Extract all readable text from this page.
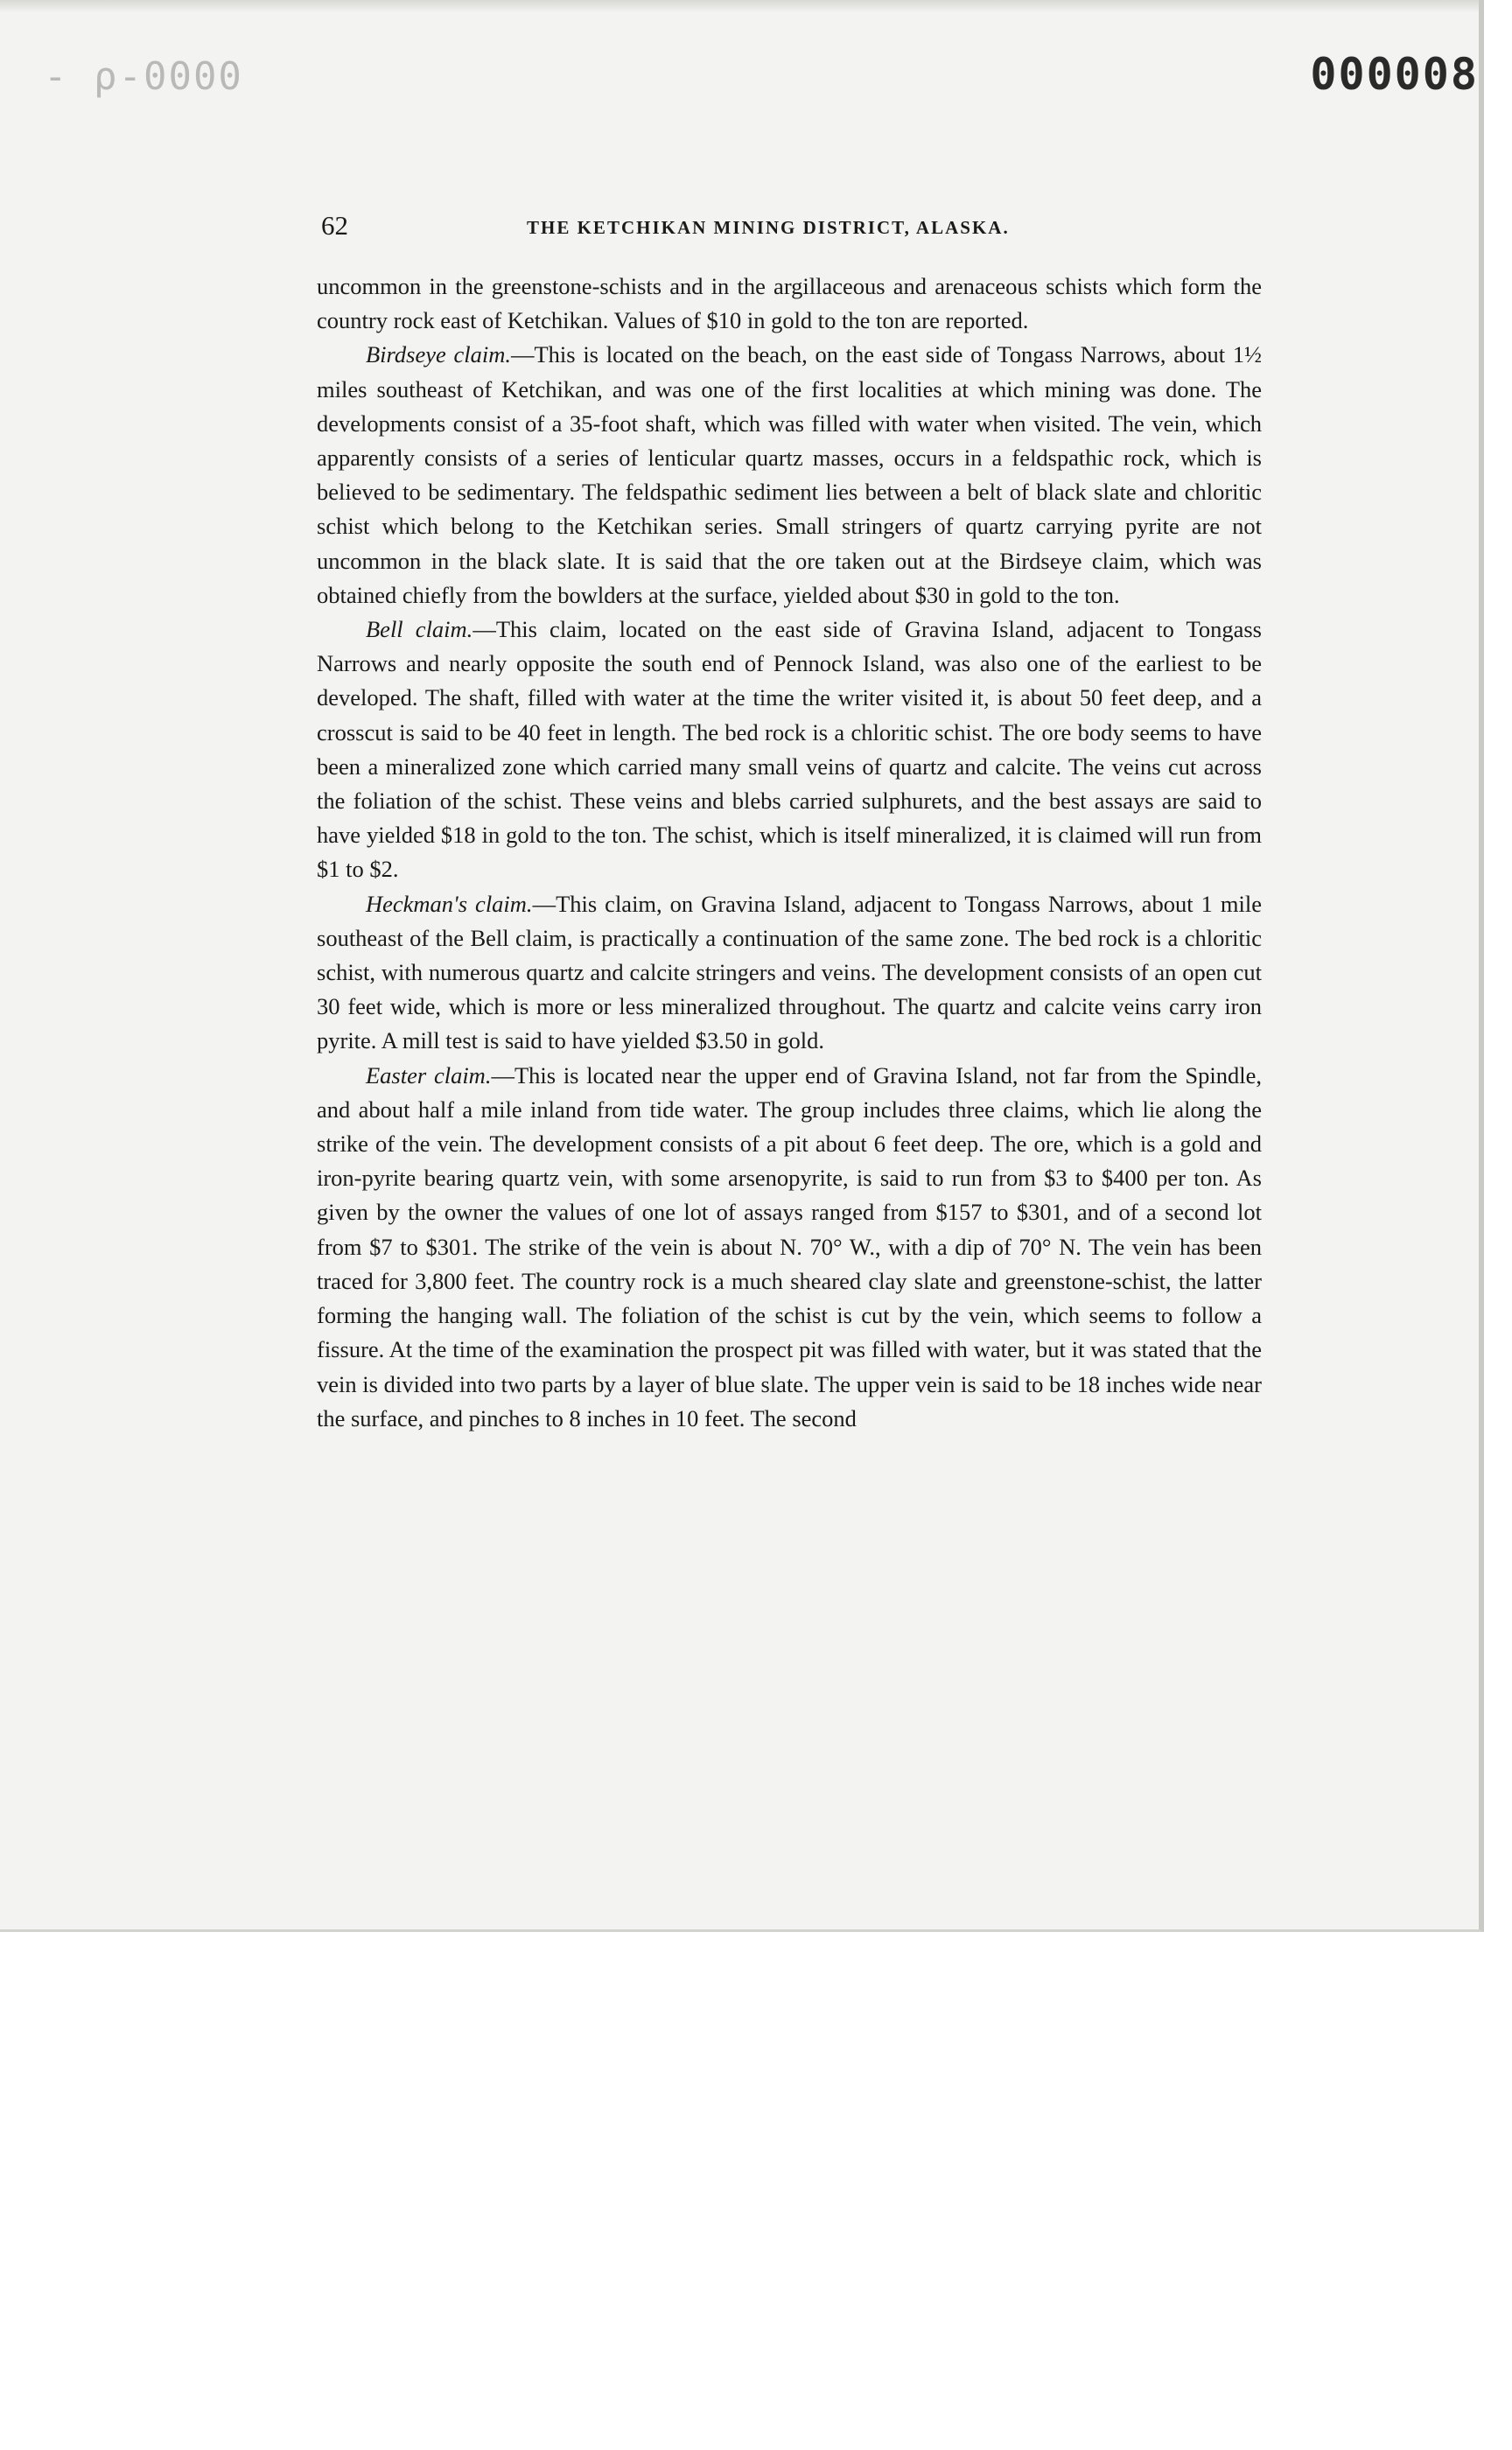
- ρ-0000	000008
62	THE KETCHIKAN MINING DISTRICT, ALASKA.

uncommon in the greenstone-schists and in the argillaceous and arenaceous schists which form the country rock east of Ketchikan. Values of $10 in gold to the ton are reported.

Birdseye claim.—This is located on the beach, on the east side of Tongass Narrows, about 1½ miles southeast of Ketchikan, and was one of the first localities at which mining was done. The developments consist of a 35-foot shaft, which was filled with water when visited. The vein, which apparently consists of a series of lenticular quartz masses, occurs in a feldspathic rock, which is believed to be sedimentary. The feldspathic sediment lies between a belt of black slate and chloritic schist which belong to the Ketchikan series. Small stringers of quartz carrying pyrite are not uncommon in the black slate. It is said that the ore taken out at the Birdseye claim, which was obtained chiefly from the bowlders at the surface, yielded about $30 in gold to the ton.

Bell claim.—This claim, located on the east side of Gravina Island, adjacent to Tongass Narrows and nearly opposite the south end of Pennock Island, was also one of the earliest to be developed. The shaft, filled with water at the time the writer visited it, is about 50 feet deep, and a crosscut is said to be 40 feet in length. The bed rock is a chloritic schist. The ore body seems to have been a mineralized zone which carried many small veins of quartz and calcite. The veins cut across the foliation of the schist. These veins and blebs carried sulphurets, and the best assays are said to have yielded $18 in gold to the ton. The schist, which is itself mineralized, it is claimed will run from $1 to $2.

Heckman's claim.—This claim, on Gravina Island, adjacent to Tongass Narrows, about 1 mile southeast of the Bell claim, is practically a continuation of the same zone. The bed rock is a chloritic schist, with numerous quartz and calcite stringers and veins. The development consists of an open cut 30 feet wide, which is more or less mineralized throughout. The quartz and calcite veins carry iron pyrite. A mill test is said to have yielded $3.50 in gold.

Easter claim.—This is located near the upper end of Gravina Island, not far from the Spindle, and about half a mile inland from tide water. The group includes three claims, which lie along the strike of the vein. The development consists of a pit about 6 feet deep. The ore, which is a gold and iron-pyrite bearing quartz vein, with some arsenopyrite, is said to run from $3 to $400 per ton. As given by the owner the values of one lot of assays ranged from $157 to $301, and of a second lot from $7 to $301. The strike of the vein is about N. 70° W., with a dip of 70° N. The vein has been traced for 3,800 feet. The country rock is a much sheared clay slate and greenstone-schist, the latter forming the hanging wall. The foliation of the schist is cut by the vein, which seems to follow a fissure. At the time of the examination the prospect pit was filled with water, but it was stated that the vein is divided into two parts by a layer of blue slate. The upper vein is said to be 18 inches wide near the surface, and pinches to 8 inches in 10 feet. The second
